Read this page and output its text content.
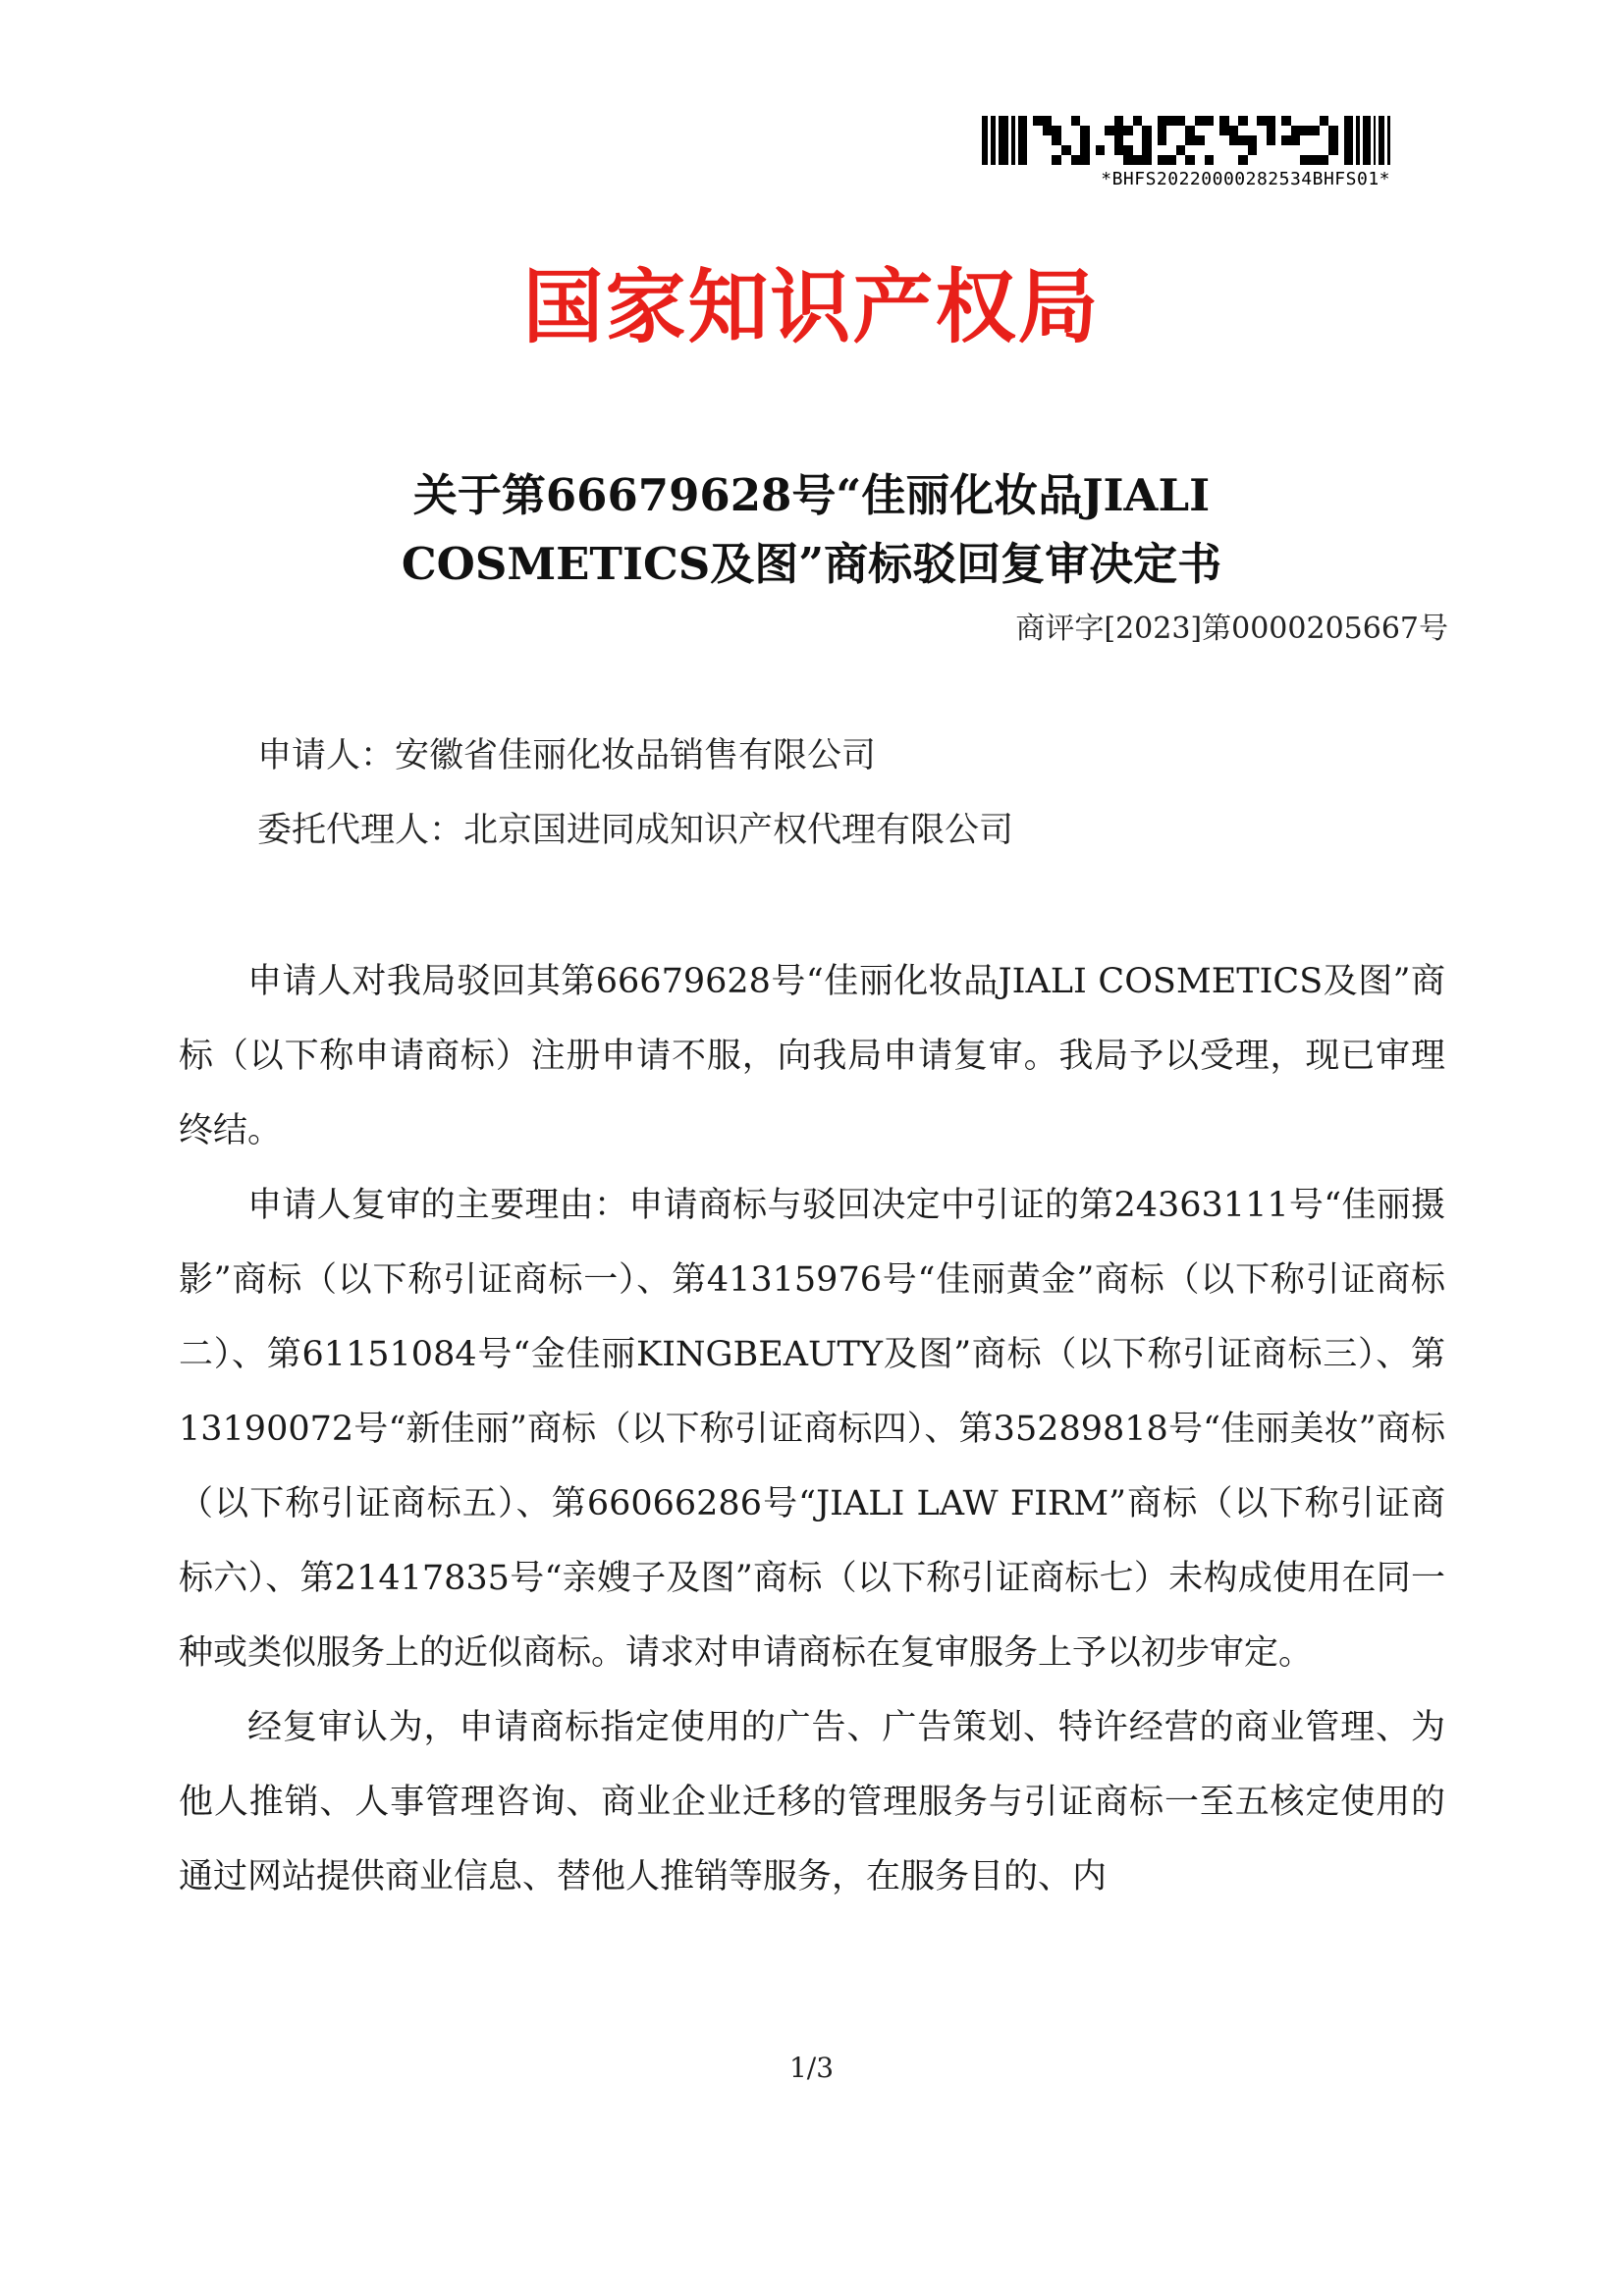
*BHFS20220000282534BHFS01*
国家知识产权局
关于第66679628号“佳丽化妆品JIALI
COSMETICS及图”商标驳回复审决定书
商评字[2023]第0000205667号
申请人：安徽省佳丽化妆品销售有限公司
委托代理人：北京国进同成知识产权代理有限公司

申请人对我局驳回其第66679628号“佳丽化妆品JIALI COSMETICS及图”商标（以下称申请商标）注册申请不服，向我局申请复审。我局予以受理，现已审理终结。

申请人复审的主要理由：申请商标与驳回决定中引证的第24363111号“佳丽摄影”商标（以下称引证商标一）、第41315976号“佳丽黄金”商标（以下称引证商标二）、第61151084号“金佳丽KINGBEAUTY及图”商标（以下称引证商标三）、第13190072号“新佳丽”商标（以下称引证商标四）、第35289818号“佳丽美妆”商标（以下称引证商标五）、第66066286号“JIALI LAW FIRM”商标（以下称引证商标六）、第21417835号“亲嫂子及图”商标（以下称引证商标七）未构成使用在同一种或类似服务上的近似商标。请求对申请商标在复审服务上予以初步审定。

经复审认为，申请商标指定使用的广告、广告策划、特许经营的商业管理、为他人推销、人事管理咨询、商业企业迁移的管理服务与引证商标一至五核定使用的通过网站提供商业信息、替他人推销等服务，在服务目的、内

1/3
